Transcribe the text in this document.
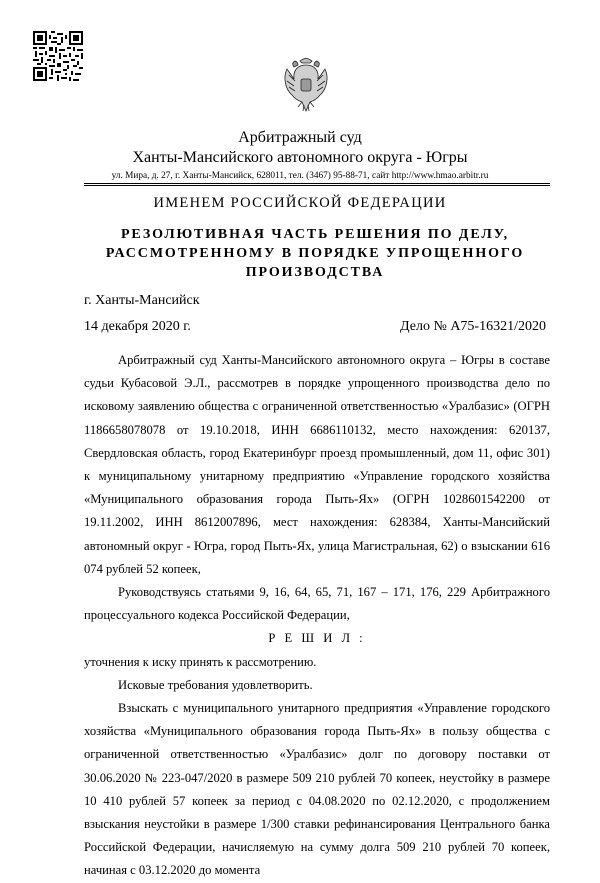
Арбитражный суд
Ханты-Мансийского автономного округа - Югры
ул. Мира, д. 27, г. Ханты-Мансийск, 628011, тел. (3467) 95-88-71, сайт http://www.hmao.arbitr.ru
ИМЕНЕМ РОССИЙСКОЙ ФЕДЕРАЦИИ
РЕЗОЛЮТИВНАЯ ЧАСТЬ РЕШЕНИЯ ПО ДЕЛУ, РАССМОТРЕННОМУ В ПОРЯДКЕ УПРОЩЕННОГО ПРОИЗВОДСТВА
г. Ханты-Мансийск
14 декабря 2020 г.	Дело № А75-16321/2020

Арбитражный суд Ханты-Мансийского автономного округа – Югры в составе судьи Кубасовой Э.Л., рассмотрев в порядке упрощенного производства дело по исковому заявлению общества с ограниченной ответственностью «Уралбазис» (ОГРН 1186658078078 от 19.10.2018, ИНН 6686110132, место нахождения: 620137, Свердловская область, город Екатеринбург проезд промышленный, дом 11, офис 301) к муниципальному унитарному предприятию «Управление городского хозяйства «Муниципального образования города Пыть-Ях» (ОГРН 1028601542200 от 19.11.2002, ИНН 8612007896, мест нахождения: 628384, Ханты-Мансийский автономный округ - Югра, город Пыть-Ях, улица Магистральная, 62) о взыскании 616 074 рублей 52 копеек,

Руководствуясь статьями 9, 16, 64, 65, 71, 167 – 171, 176, 229 Арбитражного процессуального кодекса Российской Федерации,

Р Е Ш И Л :

уточнения к иску принять к рассмотрению.

Исковые требования удовлетворить.

Взыскать с муниципального унитарного предприятия «Управление городского хозяйства «Муниципального образования города Пыть-Ях» в пользу общества с ограниченной ответственностью «Уралбазис» долг по договору поставки от 30.06.2020 № 223-047/2020 в размере 509 210 рублей 70 копеек, неустойку в размере 10 410 рублей 57 копеек за период с 04.08.2020 по 02.12.2020, с продолжением взыскания неустойки в размере 1/300 ставки рефинансирования Центрального банка Российской Федерации, начисляемую на сумму долга 509 210 рублей 70 копеек, начиная с 03.12.2020 до момента
